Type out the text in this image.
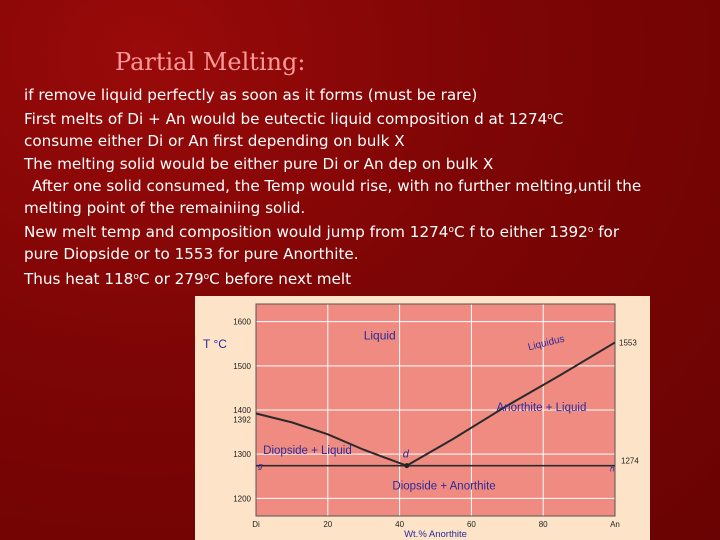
Partial Melting:
if remove liquid perfectly as soon as it forms (must be rare)
First melts of Di + An would be eutectic liquid composition d at 1274$^o$C
consume either Di or An first depending on bulk X
The melting solid would be either pure Di or An dep on bulk X
After one solid consumed, the Temp would rise, with no further melting,until the
melting point of the remainiing solid.
New melt temp and composition would jump from 1274$^o$C f to either 1392$^o$ for
pure Diopside or to 1553 for pure Anorthite.
Thus heat 118$^o$C or 279$^o$C before next melt
d
1200
1300
1400
1500
1600
1392
Di	20	40	60	80	An
T °C
Wt.% Anorthite
Liquid	Liquidus
Anorthite + Liquid
Diopside + Liquid
Diopside + Anorthite
1553
1274
g	h
